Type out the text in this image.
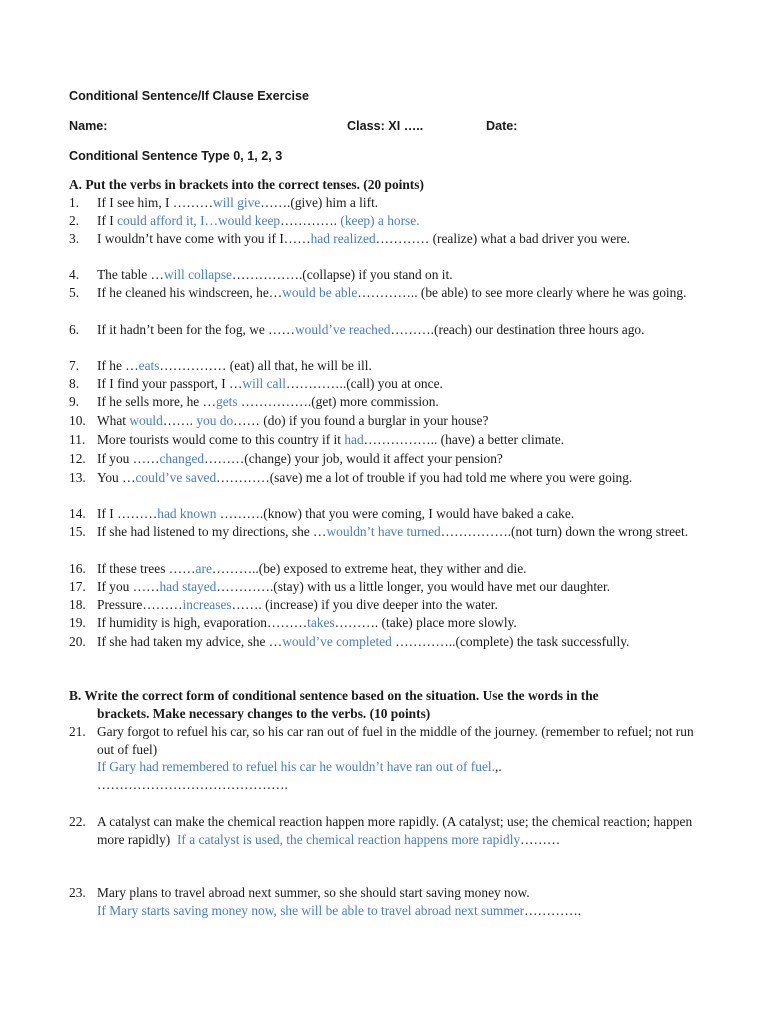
Conditional Sentence/If Clause Exercise
Name:	Class: XI …..	Date:
Conditional Sentence Type 0, 1, 2, 3
A. Put the verbs in brackets into the correct tenses. (20 points)
1. If I see him, I ………will give…….(give) him a lift.
2. If I could afford it, I…would keep…………. (keep) a horse.
3. I wouldn’t have come with you if I……had realized………… (realize) what a bad driver you were.
4. The table …will collapse…………….(collapse) if you stand on it.
5. If he cleaned his windscreen, he…would be able………….. (be able) to see more clearly where he was going.
6. If it hadn’t been for the fog, we ……would’ve reached……….(reach) our destination three hours ago.
7. If he …eats…………… (eat) all that, he will be ill.
8. If I find your passport, I …will call…………..(call) you at once.
9. If he sells more, he …gets …………….(get) more commission.
10. What would……. you do…… (do) if you found a burglar in your house?
11. More tourists would come to this country if it had…………….. (have) a better climate.
12. If you ……changed………(change) your job, would it affect your pension?
13. You …could’ve saved…………(save) me a lot of trouble if you had told me where you were going.
14. If I ………had known ……….(know) that you were coming, I would have baked a cake.
15. If she had listened to my directions, she …wouldn’t have turned…………….(not turn) down the wrong street.
16. If these trees ……are………..(be) exposed to extreme heat, they wither and die.
17. If you ……had stayed………….(stay) with us a little longer, you would have met our daughter.
18. Pressure………increases……. (increase) if you dive deeper into the water.
19. If humidity is high, evaporation………takes………. (take) place more slowly.
20. If she had taken my advice, she …would’ve completed …………..(complete) the task successfully.
B. Write the correct form of conditional sentence based on the situation. Use the words in the
brackets. Make necessary changes to the verbs. (10 points)
21. Gary forgot to refuel his car, so his car ran out of fuel in the middle of the journey. (remember to refuel; not run out of fuel)
If Gary had remembered to refuel his car he wouldn’t have ran out of fuel.,.
…………………………………….
22. A catalyst can make the chemical reaction happen more rapidly. (A catalyst; use; the chemical reaction; happen more rapidly) If a catalyst is used, the chemical reaction happens more rapidly………
23. Mary plans to travel abroad next summer, so she should start saving money now.
If Mary starts saving money now, she will be able to travel abroad next summer………….
